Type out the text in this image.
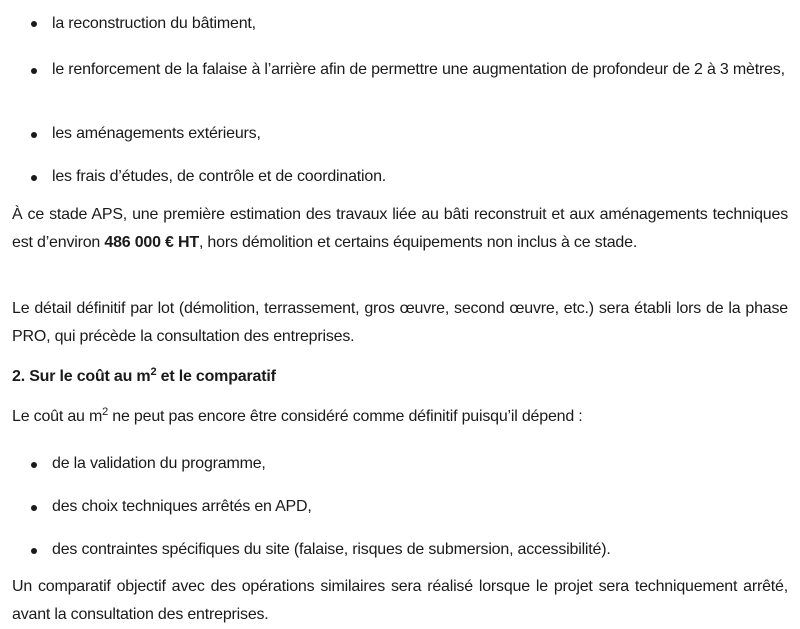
la reconstruction du bâtiment,
le renforcement de la falaise à l’arrière afin de permettre une augmentation de profondeur de 2 à 3 mètres,
les aménagements extérieurs,
les frais d’études, de contrôle et de coordination.
À ce stade APS, une première estimation des travaux liée au bâti reconstruit et aux aménagements techniques est d’environ 486 000 € HT, hors démolition et certains équipements non inclus à ce stade.
Le détail définitif par lot (démolition, terrassement, gros œuvre, second œuvre, etc.) sera établi lors de la phase PRO, qui précède la consultation des entreprises.
2. Sur le coût au $m^2$ et le comparatif
Le coût au $m^2$ ne peut pas encore être considéré comme définitif puisqu’il dépend :
de la validation du programme,
des choix techniques arrêtés en APD,
des contraintes spécifiques du site (falaise, risques de submersion, accessibilité).
Un comparatif objectif avec des opérations similaires sera réalisé lorsque le projet sera techniquement arrêté, avant la consultation des entreprises.
